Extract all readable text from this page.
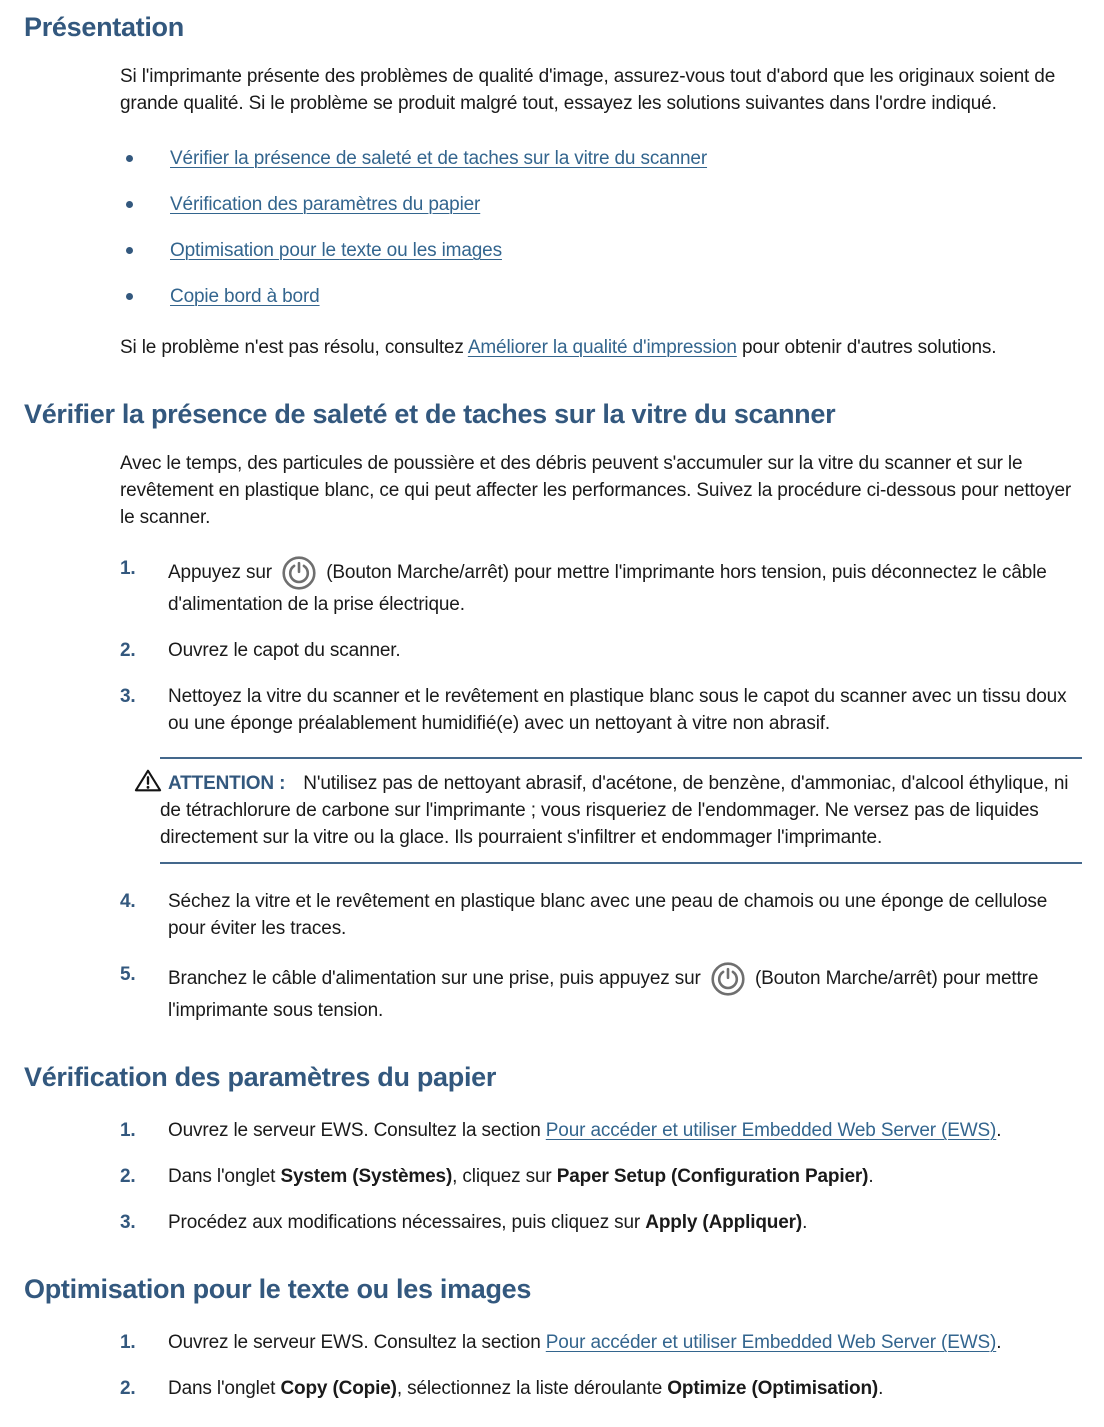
Présentation

Si l'imprimante présente des problèmes de qualité d'image, assurez-vous tout d'abord que les originaux soient de grande qualité. Si le problème se produit malgré tout, essayez les solutions suivantes dans l'ordre indiqué.

Vérifier la présence de saleté et de taches sur la vitre du scanner
Vérification des paramètres du papier
Optimisation pour le texte ou les images
Copie bord à bord

Si le problème n'est pas résolu, consultez Améliorer la qualité d'impression pour obtenir d'autres solutions.

Vérifier la présence de saleté et de taches sur la vitre du scanner

Avec le temps, des particules de poussière et des débris peuvent s'accumuler sur la vitre du scanner et sur le revêtement en plastique blanc, ce qui peut affecter les performances. Suivez la procédure ci-dessous pour nettoyer le scanner.

1.	Appuyez sur
(Bouton Marche/arrêt) pour mettre l'imprimante hors tension, puis déconnectez le câble d'alimentation de la prise électrique.
2.	Ouvrez le capot du scanner.
3.	Nettoyez la vitre du scanner et le revêtement en plastique blanc sous le capot du scanner avec un tissu doux ou une éponge préalablement humidifié(e) avec un nettoyant à vitre non abrasif.
ATTENTION : N'utilisez pas de nettoyant abrasif, d'acétone, de benzène, d'ammoniac, d'alcool éthylique, ni de tétrachlorure de carbone sur l'imprimante ; vous risqueriez de l'endommager. Ne versez pas de liquides directement sur la vitre ou la glace. Ils pourraient s'infiltrer et endommager l'imprimante.
4.	Séchez la vitre et le revêtement en plastique blanc avec une peau de chamois ou une éponge de cellulose pour éviter les traces.
5.	Branchez le câble d'alimentation sur une prise, puis appuyez sur
(Bouton Marche/arrêt) pour mettre l'imprimante sous tension.
Vérification des paramètres du papier
1.	Ouvrez le serveur EWS. Consultez la section Pour accéder et utiliser Embedded Web Server (EWS).
2.	Dans l'onglet System (Systèmes), cliquez sur Paper Setup (Configuration Papier).
3.	Procédez aux modifications nécessaires, puis cliquez sur Apply (Appliquer).
Optimisation pour le texte ou les images
1.	Ouvrez le serveur EWS. Consultez la section Pour accéder et utiliser Embedded Web Server (EWS).
2.	Dans l'onglet Copy (Copie), sélectionnez la liste déroulante Optimize (Optimisation).
